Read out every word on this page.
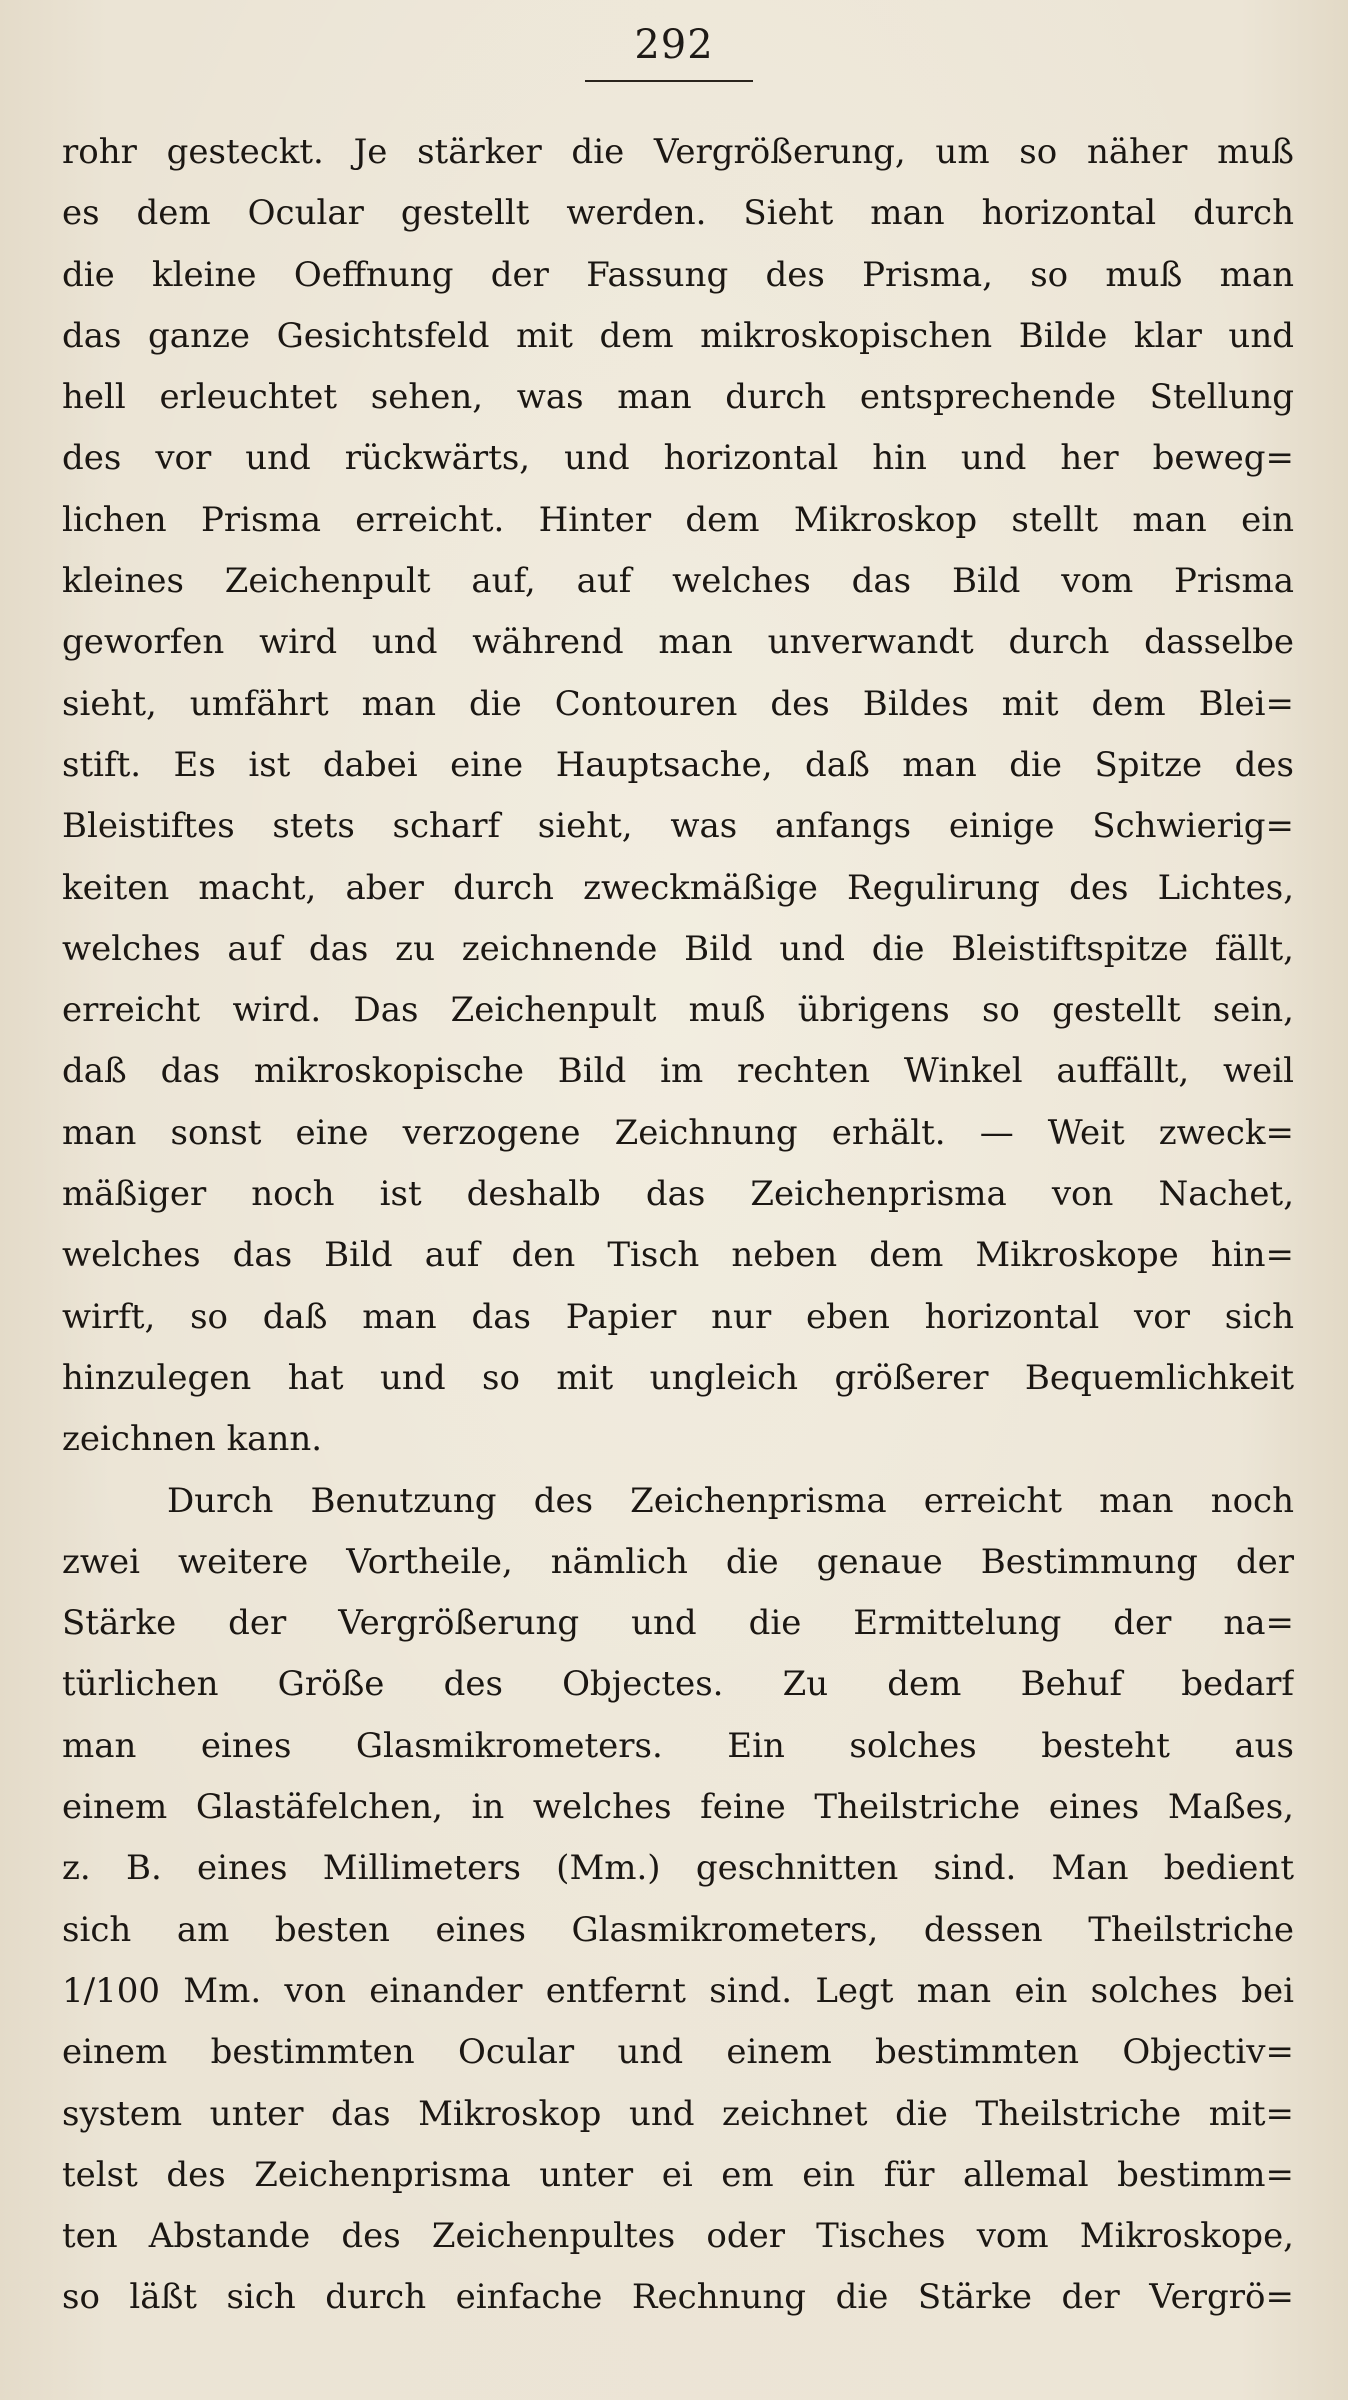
292
rohr gesteckt. Je stärker die Vergrößerung, um so näher muß
es dem Ocular gestellt werden. Sieht man horizontal durch
die kleine Oeffnung der Fassung des Prisma, so muß man
das ganze Gesichtsfeld mit dem mikroskopischen Bilde klar und
hell erleuchtet sehen, was man durch entsprechende Stellung
des vor und rückwärts, und horizontal hin und her beweg=
lichen Prisma erreicht. Hinter dem Mikroskop stellt man ein
kleines Zeichenpult auf, auf welches das Bild vom Prisma
geworfen wird und während man unverwandt durch dasselbe
sieht, umfährt man die Contouren des Bildes mit dem Blei=
stift. Es ist dabei eine Hauptsache, daß man die Spitze des
Bleistiftes stets scharf sieht, was anfangs einige Schwierig=
keiten macht, aber durch zweckmäßige Regulirung des Lichtes,
welches auf das zu zeichnende Bild und die Bleistiftspitze fällt,
erreicht wird. Das Zeichenpult muß übrigens so gestellt sein,
daß das mikroskopische Bild im rechten Winkel auffällt, weil
man sonst eine verzogene Zeichnung erhält. — Weit zweck=
mäßiger noch ist deshalb das Zeichenprisma von Nachet,
welches das Bild auf den Tisch neben dem Mikroskope hin=
wirft, so daß man das Papier nur eben horizontal vor sich
hinzulegen hat und so mit ungleich größerer Bequemlichkeit
zeichnen kann.
Durch Benutzung des Zeichenprisma erreicht man noch
zwei weitere Vortheile, nämlich die genaue Bestimmung der
Stärke der Vergrößerung und die Ermittelung der na=
türlichen Größe des Objectes. Zu dem Behuf bedarf
man eines Glasmikrometers. Ein solches besteht aus
einem Glastäfelchen, in welches feine Theilstriche eines Maßes,
z. B. eines Millimeters (Mm.) geschnitten sind. Man bedient
sich am besten eines Glasmikrometers, dessen Theilstriche
1/100 Mm. von einander entfernt sind. Legt man ein solches bei
einem bestimmten Ocular und einem bestimmten Objectiv=
system unter das Mikroskop und zeichnet die Theilstriche mit=
telst des Zeichenprisma unter ei em ein für allemal bestimm=
ten Abstande des Zeichenpultes oder Tisches vom Mikroskope,
so läßt sich durch einfache Rechnung die Stärke der Vergrö=
